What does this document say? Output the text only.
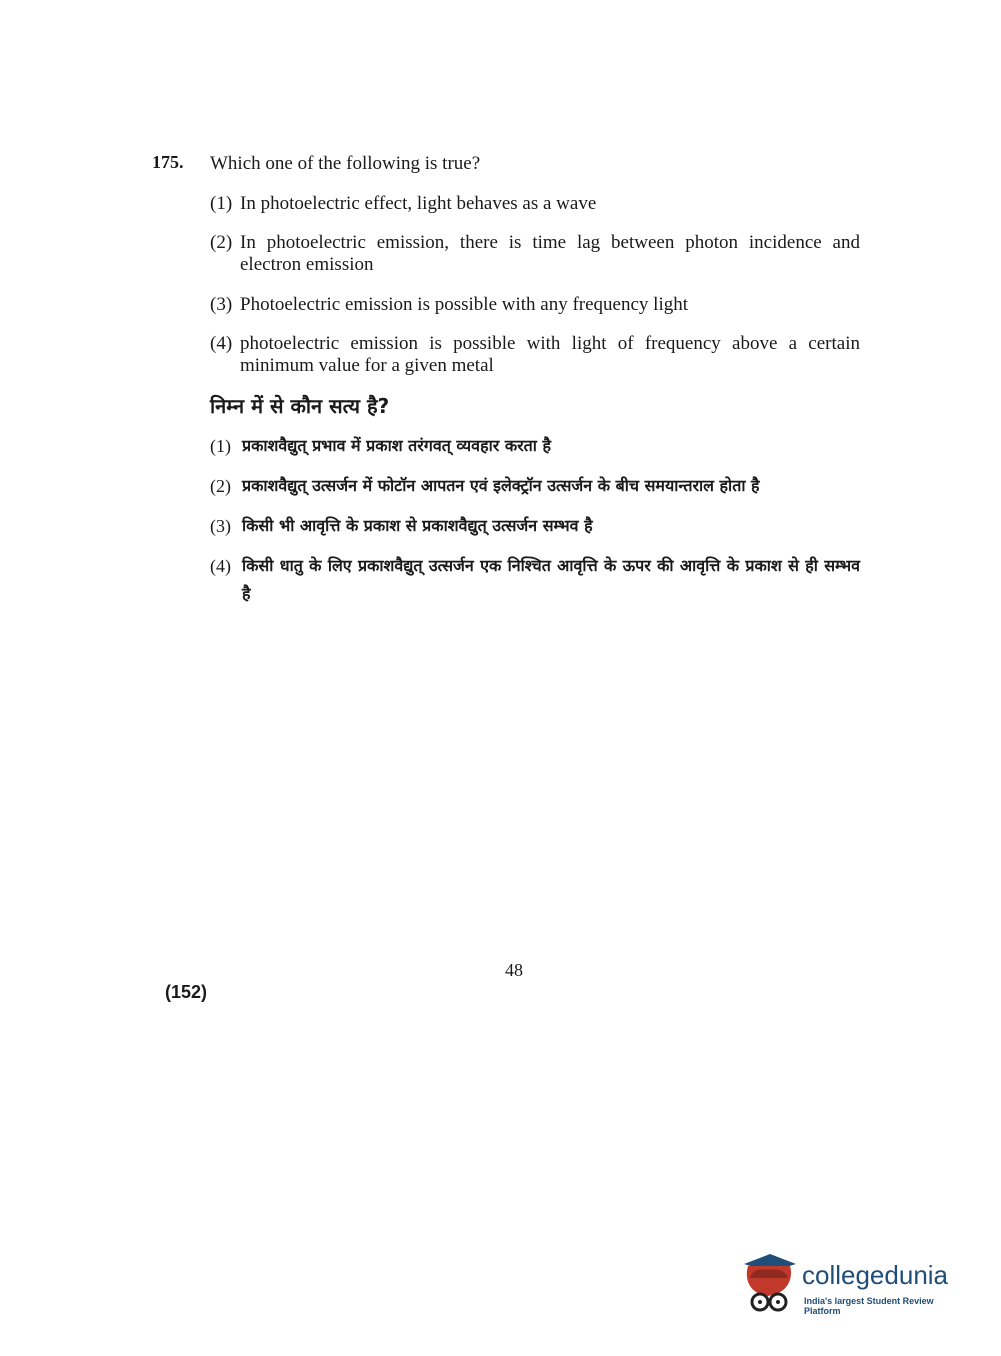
175. Which one of the following is true?
(1) In photoelectric effect, light behaves as a wave
(2) In photoelectric emission, there is time lag between photon incidence and electron emission
(3) Photoelectric emission is possible with any frequency light
(4) photoelectric emission is possible with light of frequency above a certain minimum value for a given metal
निम्न में से कौन सत्य है?
(1) प्रकाशवैद्युत् प्रभाव में प्रकाश तरंगवत् व्यवहार करता है
(2) प्रकाशवैद्युत् उत्सर्जन में फोटॉन आपतन एवं इलेक्ट्रॉन उत्सर्जन के बीच समयान्तराल होता है
(3) किसी भी आवृत्ति के प्रकाश से प्रकाशवैद्युत् उत्सर्जन सम्भव है
(4) किसी धातु के लिए प्रकाशवैद्युत् उत्सर्जन एक निश्चित आवृत्ति के ऊपर की आवृत्ति के प्रकाश से ही सम्भव है
48
(152)
collegedunia
India's largest Student Review Platform
